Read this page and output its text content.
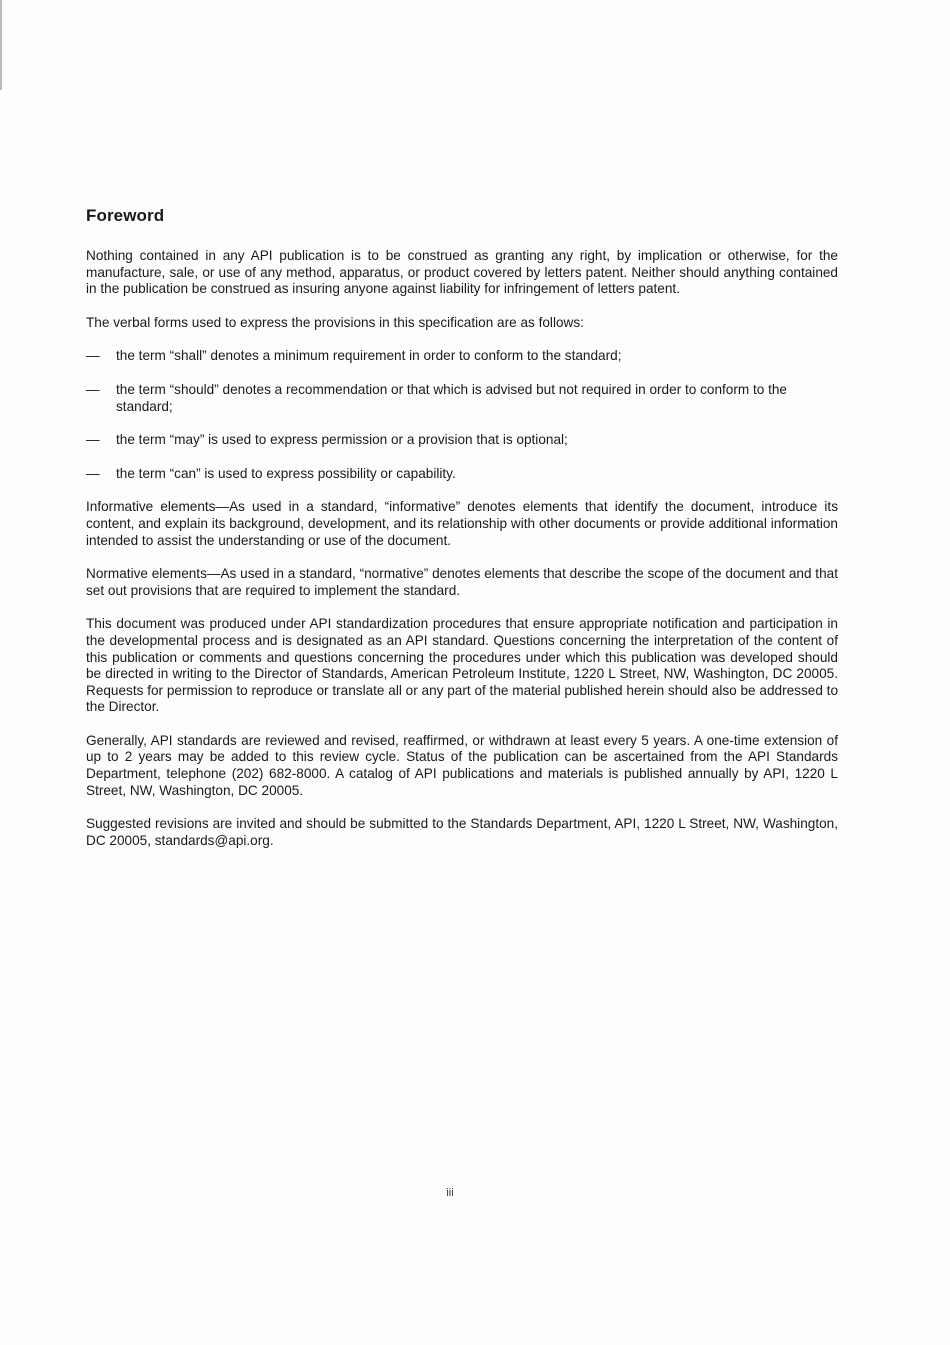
Foreword

Nothing contained in any API publication is to be construed as granting any right, by implication or otherwise, for the manufacture, sale, or use of any method, apparatus, or product covered by letters patent. Neither should anything contained in the publication be construed as insuring anyone against liability for infringement of letters patent.

The verbal forms used to express the provisions in this specification are as follows:

— the term “shall” denotes a minimum requirement in order to conform to the standard;
— the term “should” denotes a recommendation or that which is advised but not required in order to conform to the standard;
— the term “may” is used to express permission or a provision that is optional;
— the term “can” is used to express possibility or capability.

Informative elements—As used in a standard, “informative” denotes elements that identify the document, introduce its content, and explain its background, development, and its relationship with other documents or provide additional information intended to assist the understanding or use of the document.

Normative elements—As used in a standard, “normative” denotes elements that describe the scope of the document and that set out provisions that are required to implement the standard.

This document was produced under API standardization procedures that ensure appropriate notification and participation in the developmental process and is designated as an API standard. Questions concerning the interpretation of the content of this publication or comments and questions concerning the procedures under which this publication was developed should be directed in writing to the Director of Standards, American Petroleum Institute, 1220 L Street, NW, Washington, DC 20005. Requests for permission to reproduce or translate all or any part of the material published herein should also be addressed to the Director.

Generally, API standards are reviewed and revised, reaffirmed, or withdrawn at least every 5 years. A one-time extension of up to 2 years may be added to this review cycle. Status of the publication can be ascertained from the API Standards Department, telephone (202) 682-8000. A catalog of API publications and materials is published annually by API, 1220 L Street, NW, Washington, DC 20005.

Suggested revisions are invited and should be submitted to the Standards Department, API, 1220 L Street, NW, Washington, DC 20005, standards@api.org.

iii
